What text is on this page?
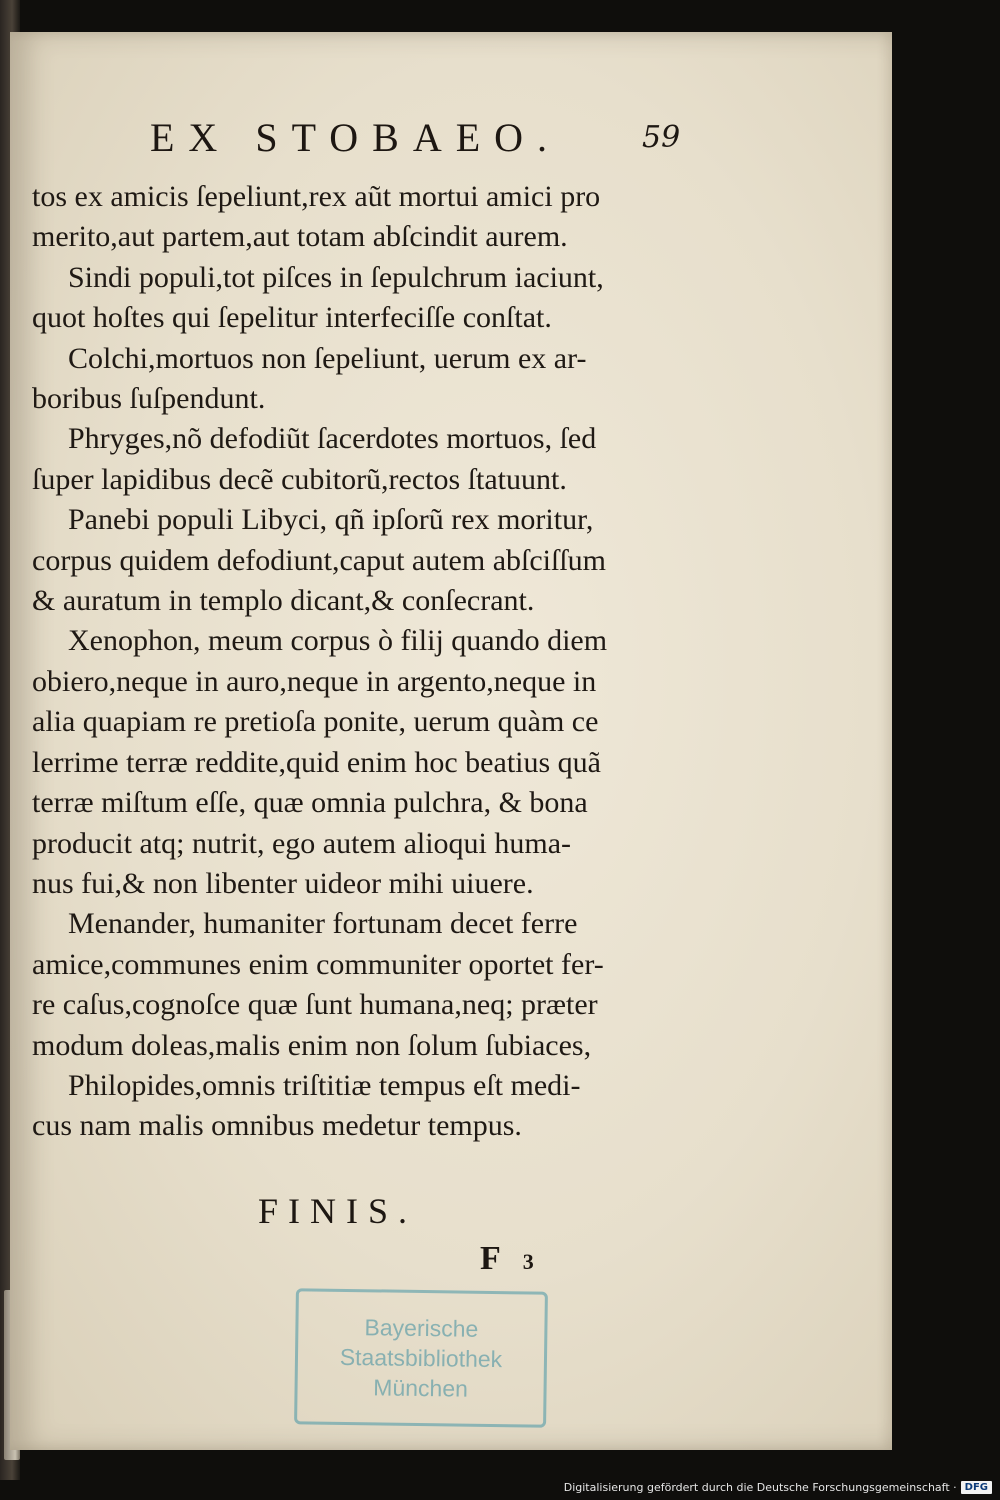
EX STOBAEO.	59
tos ex amicis ſepeliunt,rex aũt mortui amici pro
merito,aut partem,aut totam abſcindit aurem.
Sindi populi,tot piſces in ſepulchrum iaciunt,
quot hoſtes qui ſepelitur interfeciſſe conſtat.
Colchi,mortuos non ſepeliunt, uerum ex ar-
boribus ſuſpendunt.
Phryges,nõ defodiũt ſacerdotes mortuos, ſed
ſuper lapidibus decẽ cubitorũ,rectos ſtatuunt.
Panebi populi Libyci, qñ ipſorũ rex moritur,
corpus quidem defodiunt,caput autem abſciſſum
& auratum in templo dicant,& conſecrant.
Xenophon, meum corpus ò filij quando diem
obiero,neque in auro,neque in argento,neque in
alia quapiam re pretioſa ponite, uerum quàm ce
lerrime terræ reddite,quid enim hoc beatius quã
terræ miſtum eſſe, quæ omnia pulchra, & bona
producit atq; nutrit, ego autem alioqui huma-
nus fui,& non libenter uideor mihi uiuere.
Menander, humaniter fortunam decet ferre
amice,communes enim communiter oportet fer-
re caſus,cognoſce quæ ſunt humana,neq; præter
modum doleas,malis enim non ſolum ſubiaces,
Philopides,omnis triſtitiæ tempus eſt medi-
cus nam malis omnibus medetur tempus.
FINIS.
F 3
Bayerische
Staatsbibliothek
München
Digitalisierung gefördert durch die Deutsche Forschungsgemeinschaft · DFG
